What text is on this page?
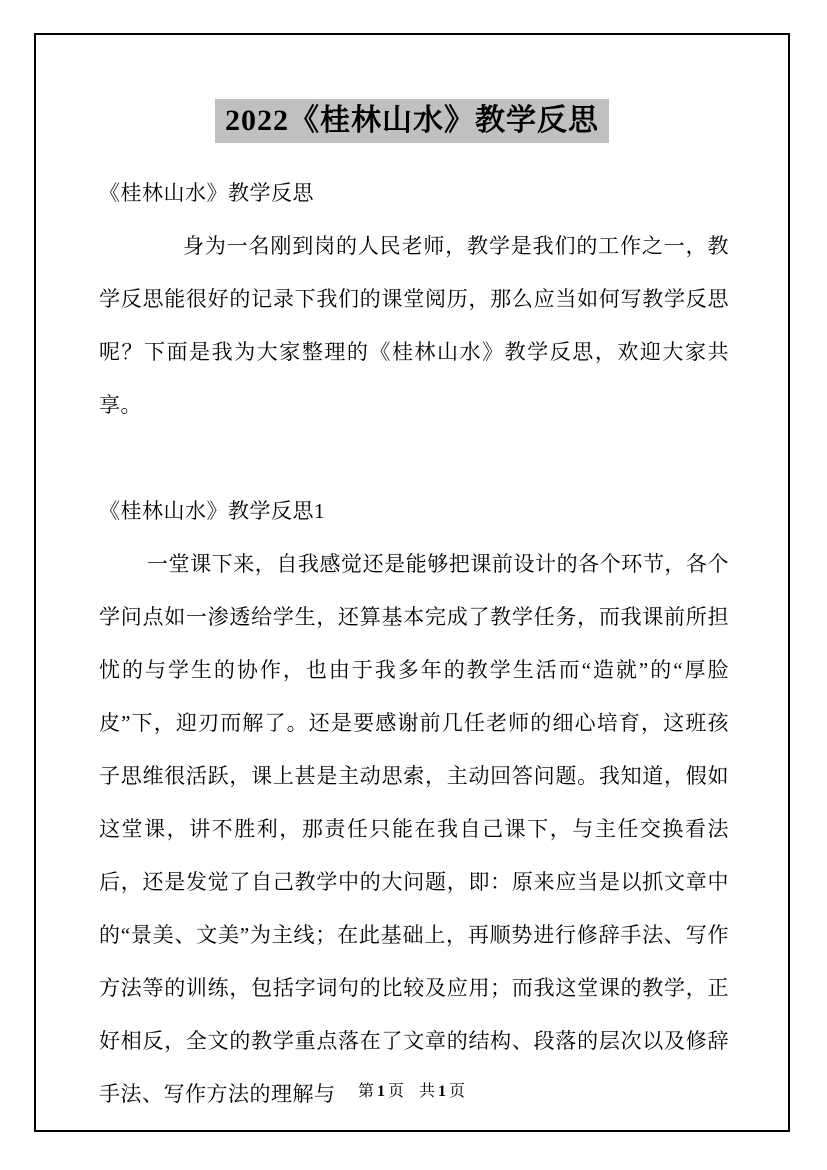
2022《桂林山水》教学反思

《桂林山水》教学反思

身为一名刚到岗的人民老师，教学是我们的工作之一，教学反思能很好的记录下我们的课堂阅历，那么应当如何写教学反思呢？下面是我为大家整理的《桂林山水》教学反思，欢迎大家共享。

《桂林山水》教学反思1

一堂课下来，自我感觉还是能够把课前设计的各个环节，各个学问点如一渗透给学生，还算基本完成了教学任务，而我课前所担忧的与学生的协作，也由于我多年的教学生活而“造就”的“厚脸皮”下，迎刃而解了。还是要感谢前几任老师的细心培育，这班孩子思维很活跃，课上甚是主动思索，主动回答问题。我知道，假如这堂课，讲不胜利，那责任只能在我自己课下，与主任交换看法后，还是发觉了自己教学中的大问题，即：原来应当是以抓文章中的“景美、文美”为主线；在此基础上，再顺势进行修辞手法、写作方法等的训练，包括字词句的比较及应用；而我这堂课的教学，正好相反，全文的教学重点落在了文章的结构、段落的层次以及修辞手法、写作方法的理解与	第 1 页 共 1 页
